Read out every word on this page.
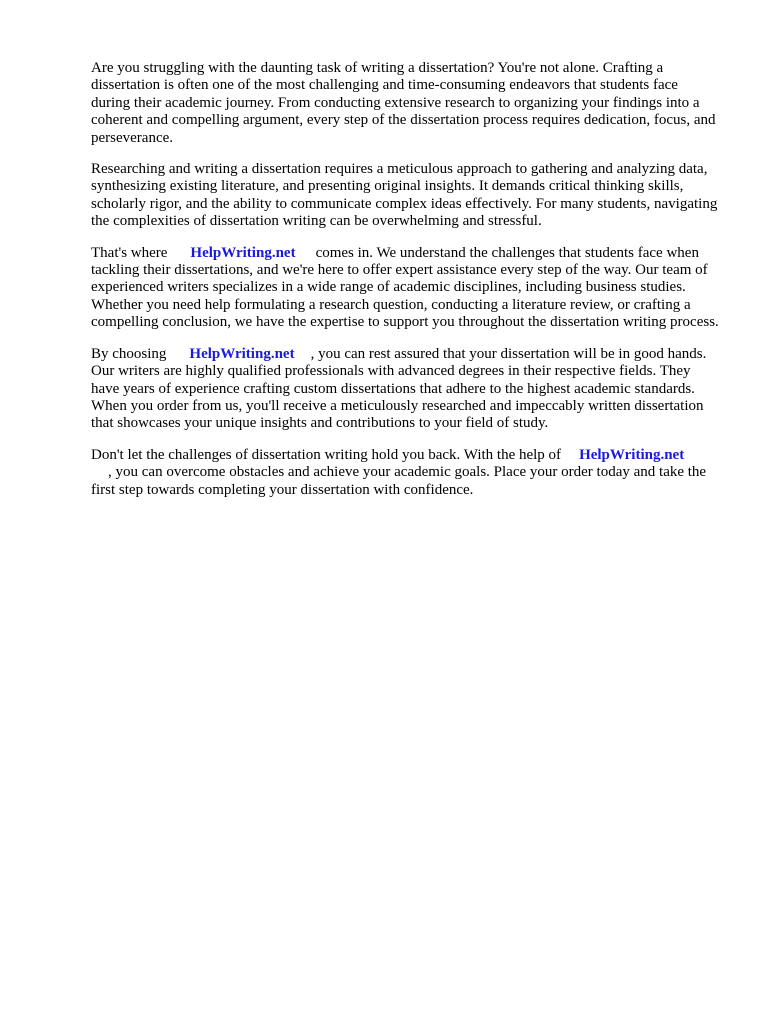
Are you struggling with the daunting task of writing a dissertation? You're not alone. Crafting a dissertation is often one of the most challenging and time-consuming endeavors that students face during their academic journey. From conducting extensive research to organizing your findings into a coherent and compelling argument, every step of the dissertation process requires dedication, focus, and perseverance.

Researching and writing a dissertation requires a meticulous approach to gathering and analyzing data, synthesizing existing literature, and presenting original insights. It demands critical thinking skills, scholarly rigor, and the ability to communicate complex ideas effectively. For many students, navigating the complexities of dissertation writing can be overwhelming and stressful.

That's where HelpWriting.net comes in. We understand the challenges that students face when tackling their dissertations, and we're here to offer expert assistance every step of the way. Our team of experienced writers specializes in a wide range of academic disciplines, including business studies. Whether you need help formulating a research question, conducting a literature review, or crafting a compelling conclusion, we have the expertise to support you throughout the dissertation writing process.

By choosing HelpWriting.net , you can rest assured that your dissertation will be in good hands. Our writers are highly qualified professionals with advanced degrees in their respective fields. They have years of experience crafting custom dissertations that adhere to the highest academic standards. When you order from us, you'll receive a meticulously researched and impeccably written dissertation that showcases your unique insights and contributions to your field of study.

Don't let the challenges of dissertation writing hold you back. With the help of HelpWriting.net
, you can overcome obstacles and achieve your academic goals. Place your order today and take the first step towards completing your dissertation with confidence.
